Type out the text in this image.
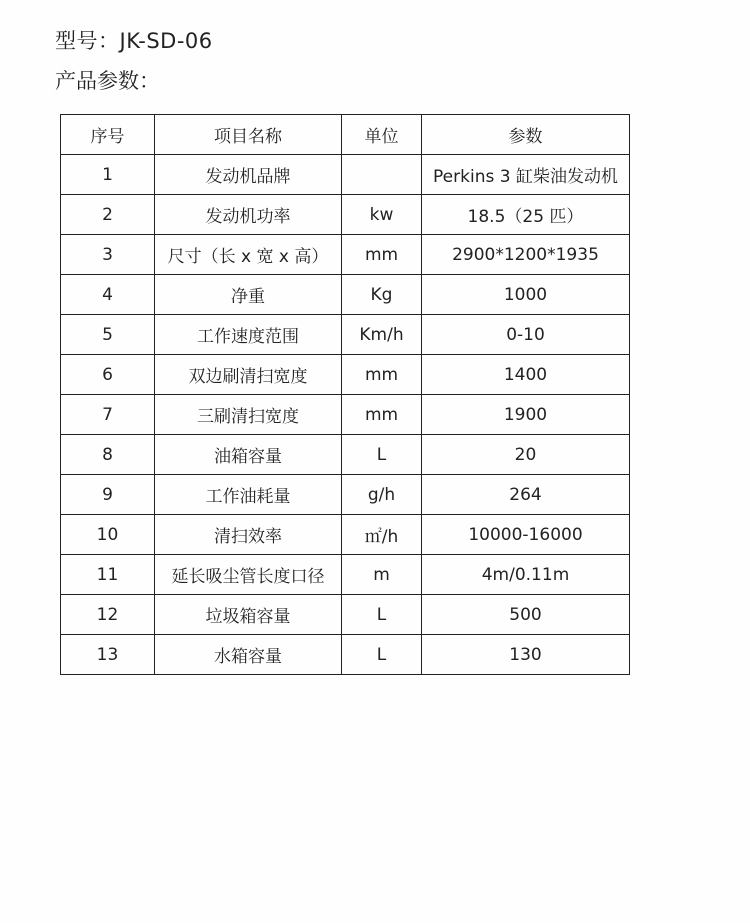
型号：JK-SD-06
产品参数：
序号	项目名称	单位	参数
1	发动机品牌		Perkins 3 缸柴油发动机
2	发动机功率	kw	18.5（25 匹）
3	尺寸（长 x 宽 x 高）	mm	2900*1200*1935
4	净重	Kg	1000
5	工作速度范围	Km/h	0-10
6	双边刷清扫宽度	mm	1400
7	三刷清扫宽度	mm	1900
8	油箱容量	L	20
9	工作油耗量	g/h	264
10	清扫效率	㎡/h	10000-16000
11	延长吸尘管长度口径	m	4m/0.11m
12	垃圾箱容量	L	500
13	水箱容量	L	130
